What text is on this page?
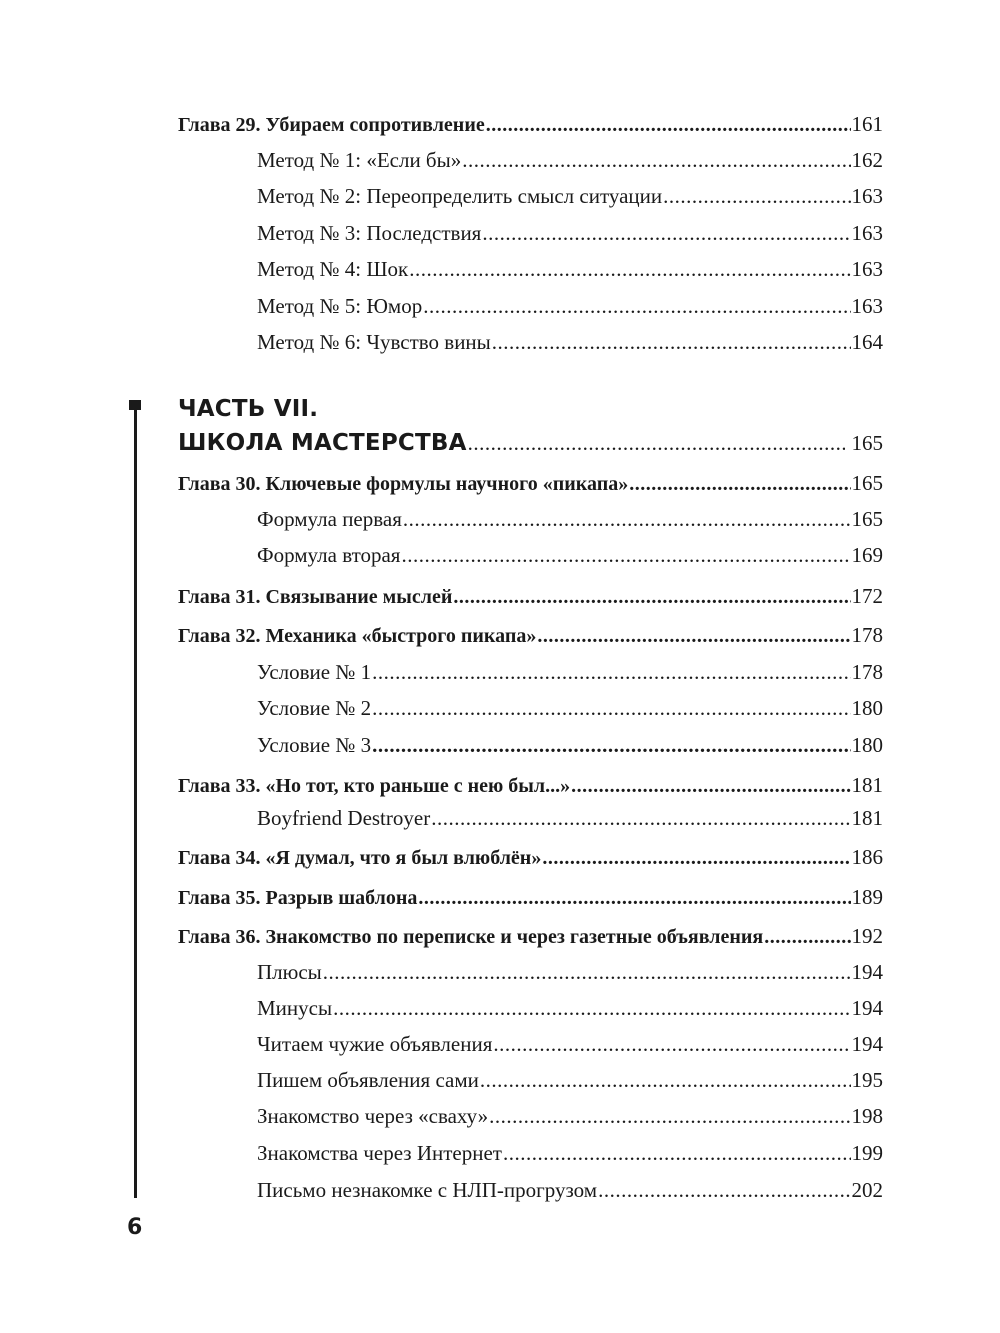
Глава 29. Убираем сопротивление .....	161
Метод № 1: «Если бы» .....	162
Метод № 2: Переопределить смысл ситуации .....	163
Метод № 3: Последствия .....	163
Метод № 4: Шок .....	163
Метод № 5: Юмор .....	163
Метод № 6: Чувство вины .....	164
ЧАСТЬ VII.
ШКОЛА МАСТЕРСТВА .....	165
Глава 30. Ключевые формулы научного «пикапа» .....	165
Формула первая .....	165
Формула вторая .....	169
Глава 31. Связывание мыслей .....	172
Глава 32. Механика «быстрого пикапа» .....	178
Условие № 1 .....	178
Условие № 2 .....	180
Условие № 3 .....	180
Глава 33. «Но тот, кто раньше с нею был...» .....	181
Boyfriend Destroyer .....	181
Глава 34. «Я думал, что я был влюблён» .....	186
Глава 35. Разрыв шаблона .....	189
Глава 36. Знакомство по переписке и через газетные объявления .....	192
Плюсы .....	194
Минусы .....	194
Читаем чужие объявления .....	194
Пишем объявления сами .....	195
Знакомство через «сваху» .....	198
Знакомства через Интернет .....	199
Письмо незнакомке с НЛП-прогрузом .....	202
6
